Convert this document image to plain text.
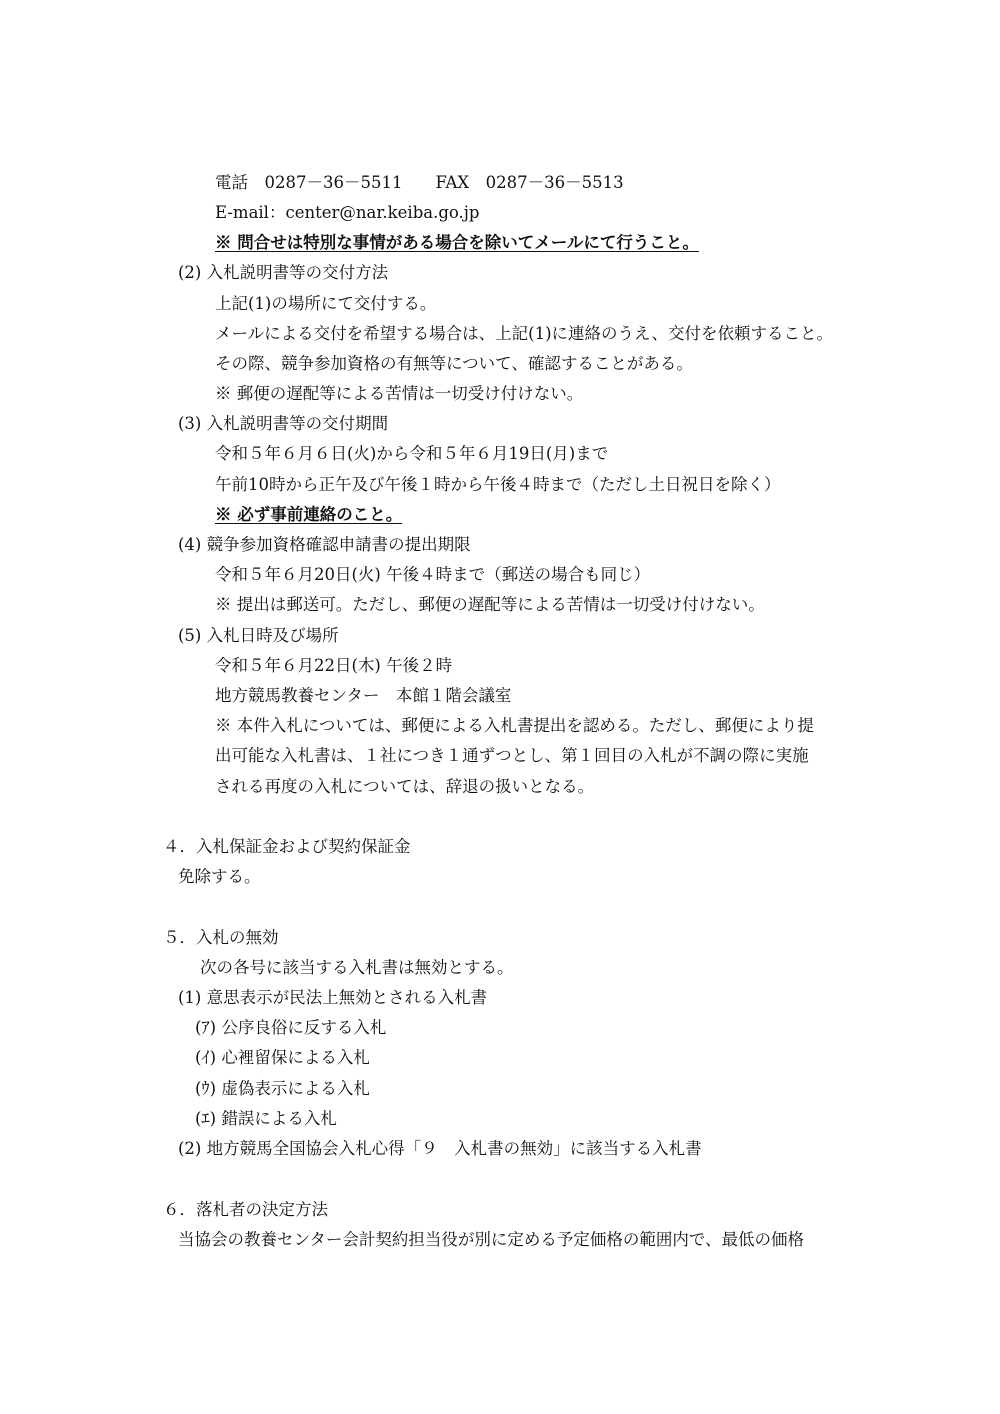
電話　0287－36－5511　　FAX　0287－36－5513
E-mail：center@nar.keiba.go.jp
※ 問合せは特別な事情がある場合を除いてメールにて行うこと。
(2) 入札説明書等の交付方法
上記(1)の場所にて交付する。
メールによる交付を希望する場合は、上記(1)に連絡のうえ、交付を依頼すること。
その際、競争参加資格の有無等について、確認することがある。
※ 郵便の遅配等による苦情は一切受け付けない。
(3) 入札説明書等の交付期間
令和５年６月６日(火)から令和５年６月19日(月)まで
午前10時から正午及び午後１時から午後４時まで（ただし土日祝日を除く）
※ 必ず事前連絡のこと。
(4) 競争参加資格確認申請書の提出期限
令和５年６月20日(火) 午後４時まで（郵送の場合も同じ）
※ 提出は郵送可。ただし、郵便の遅配等による苦情は一切受け付けない。
(5) 入札日時及び場所
令和５年６月22日(木) 午後２時
地方競馬教養センター　本館１階会議室
※ 本件入札については、郵便による入札書提出を認める。ただし、郵便により提
出可能な入札書は、１社につき１通ずつとし、第１回目の入札が不調の際に実施
される再度の入札については、辞退の扱いとなる。
４．入札保証金および契約保証金
免除する。
５．入札の無効
次の各号に該当する入札書は無効とする。
(1) 意思表示が民法上無効とされる入札書
(ｱ) 公序良俗に反する入札
(ｲ) 心裡留保による入札
(ｳ) 虚偽表示による入札
(ｴ) 錯誤による入札
(2) 地方競馬全国協会入札心得「９　入札書の無効」に該当する入札書
６．落札者の決定方法
当協会の教養センター会計契約担当役が別に定める予定価格の範囲内で、最低の価格
